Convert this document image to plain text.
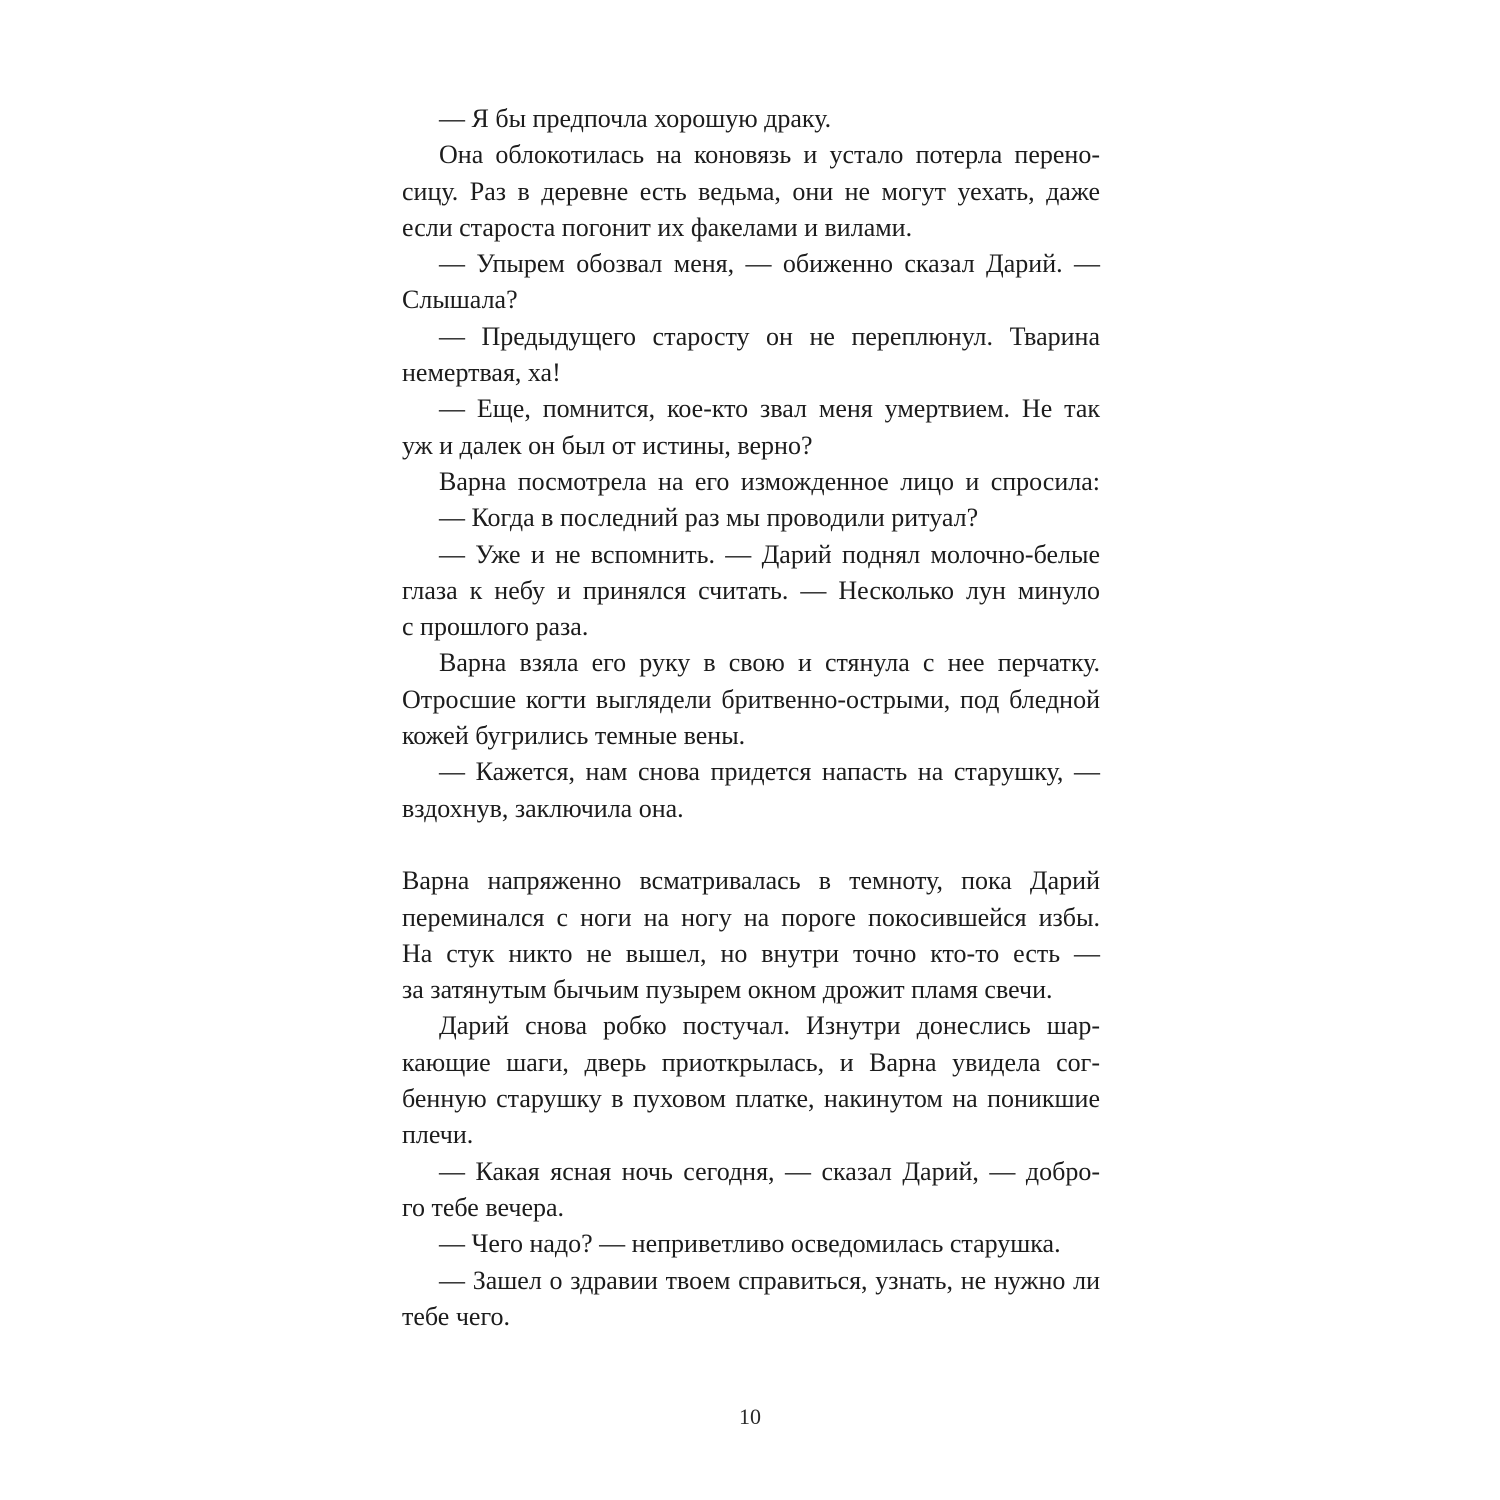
— Я бы предпочла хорошую драку.
Она облокотилась на коновязь и устало потерла перено-
сицу. Раз в деревне есть ведьма, они не могут уехать, даже
если староста погонит их факелами и вилами.
— Упырем обозвал меня, — обиженно сказал Дарий. —
Слышала?
— Предыдущего старосту он не переплюнул. Тварина
немертвая, ха!
— Еще, помнится, кое-кто звал меня умертвием. Не так
уж и далек он был от истины, верно?
Варна посмотрела на его изможденное лицо и спросила:
— Когда в последний раз мы проводили ритуал?
— Уже и не вспомнить. — Дарий поднял молочно-белые
глаза к небу и принялся считать. — Несколько лун минуло
с прошлого раза.
Варна взяла его руку в свою и стянула с нее перчатку.
Отросшие когти выглядели бритвенно-острыми, под бледной
кожей бугрились темные вены.
— Кажется, нам снова придется напасть на старушку, —
вздохнув, заключила она.
Варна напряженно всматривалась в темноту, пока Дарий
переминался с ноги на ногу на пороге покосившейся избы.
На стук никто не вышел, но внутри точно кто-то есть —
за затянутым бычьим пузырем окном дрожит пламя свечи.
Дарий снова робко постучал. Изнутри донеслись шар-
кающие шаги, дверь приоткрылась, и Варна увидела сог-
бенную старушку в пуховом платке, накинутом на поникшие
плечи.
— Какая ясная ночь сегодня, — сказал Дарий, — добро-
го тебе вечера.
— Чего надо? — неприветливо осведомилась старушка.
— Зашел о здравии твоем справиться, узнать, не нужно ли
тебе чего.
10
